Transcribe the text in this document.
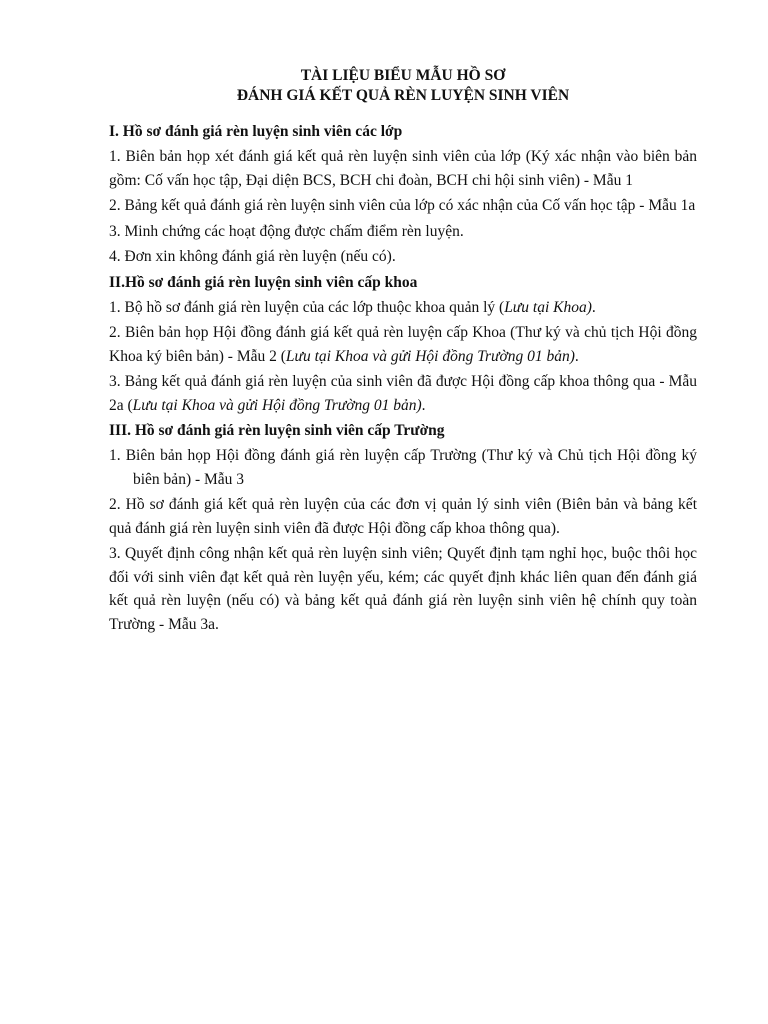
TÀI LIỆU BIỂU MẪU HỒ SƠ

ĐÁNH GIÁ KẾT QUẢ RÈN LUYỆN SINH VIÊN

I. Hồ sơ đánh giá rèn luyện sinh viên các lớp

1. Biên bản họp xét đánh giá kết quả rèn luyện sinh viên của lớp (Ký xác nhận vào biên bản gồm: Cố vấn học tập, Đại diện BCS, BCH chi đoàn, BCH chi hội sinh viên) - Mẫu 1

2. Bảng kết quả đánh giá rèn luyện sinh viên của lớp có xác nhận của Cố vấn học tập - Mẫu 1a

3. Minh chứng các hoạt động được chấm điểm rèn luyện.

4. Đơn xin không đánh giá rèn luyện (nếu có).

II.Hồ sơ đánh giá rèn luyện sinh viên cấp khoa

1. Bộ hồ sơ đánh giá rèn luyện của các lớp thuộc khoa quản lý (Lưu tại Khoa).

2. Biên bản họp Hội đồng đánh giá kết quả rèn luyện cấp Khoa (Thư ký và chủ tịch Hội đồng Khoa ký biên bản) - Mẫu 2 (Lưu tại Khoa và gửi Hội đồng Trường 01 bản).

3. Bảng kết quả đánh giá rèn luyện của sinh viên đã được Hội đồng cấp khoa thông qua - Mẫu 2a (Lưu tại Khoa và gửi Hội đồng Trường 01 bản).

III. Hồ sơ đánh giá rèn luyện sinh viên cấp Trường

1. Biên bản họp Hội đồng đánh giá rèn luyện cấp Trường (Thư ký và Chủ tịch Hội đồng ký biên bản) - Mẫu 3

2. Hồ sơ đánh giá kết quả rèn luyện của các đơn vị quản lý sinh viên (Biên bản và bảng kết quả đánh giá rèn luyện sinh viên đã được Hội đồng cấp khoa thông qua).

3. Quyết định công nhận kết quả rèn luyện sinh viên; Quyết định tạm nghỉ học, buộc thôi học đối với sinh viên đạt kết quả rèn luyện yếu, kém; các quyết định khác liên quan đến đánh giá kết quả rèn luyện (nếu có) và bảng kết quả đánh giá rèn luyện sinh viên hệ chính quy toàn Trường - Mẫu 3a.
